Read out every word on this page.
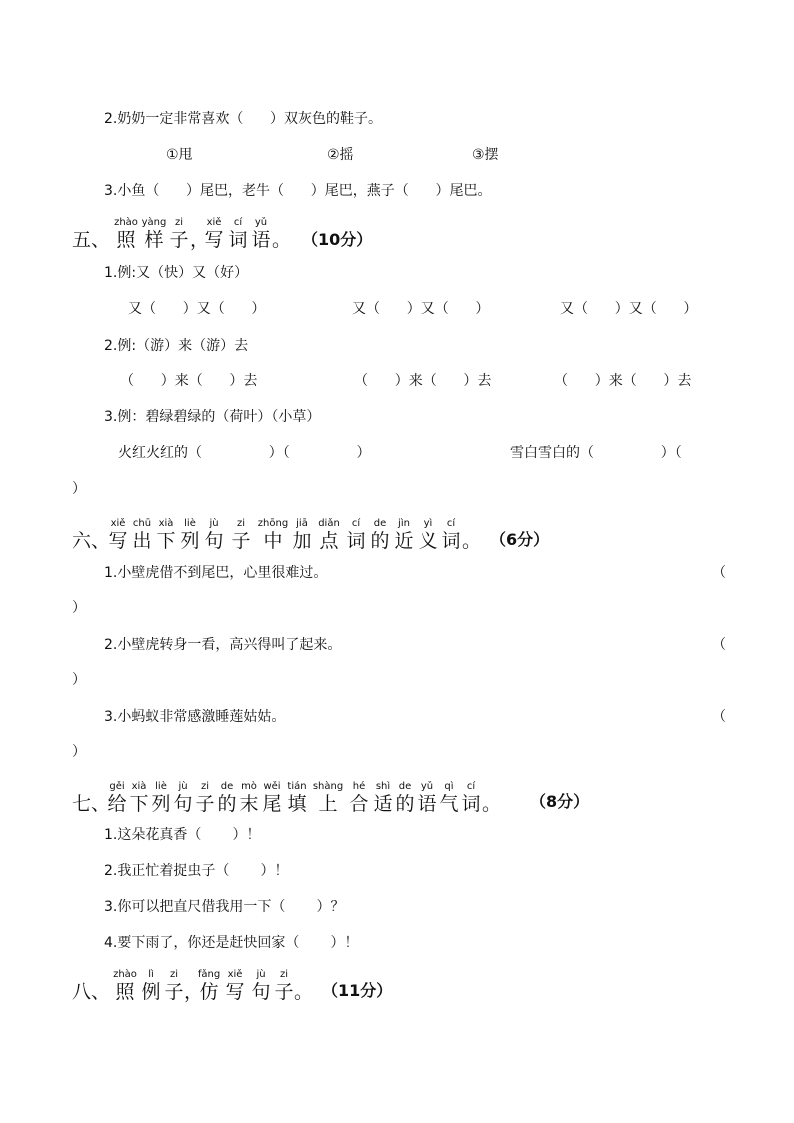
2.奶奶一定非常喜欢（      ）双灰色的鞋子。
①甩	②摇	③摆
3.小鱼（      ）尾巴，老牛（      ）尾巴，燕子（      ）尾巴。
五、
zhào
照
yàng
样
zi
子 ，
xiě
写
cí
词
yǔ
语 。 （10分）
1.例:又（快）又（好）
又（      ）又（      ）	又（      ）又（      ）	又（      ）又（      ）
2.例:（游）来（游）去
（      ）来（      ）去	（      ）来（      ）去	（      ）来（      ）去
3.例：碧绿碧绿的（荷叶）（小草）
火红火红的（               ）（               ）	雪白雪白的（               ）（
）
六、
xiě
写
chū
出
xià
下
liè
列
jù
句
zi
子
zhōng
中
jiā
加
diǎn
点
cí
词
de
的
jìn
近
yì
义
cí
词 。 （6分）
1.小壁虎借不到尾巴，心里很难过。	（
）
2.小壁虎转身一看，高兴得叫了起来。	（
）
3.小蚂蚁非常感激睡莲姑姑。	（
）
七、
gěi
给
xià
下
liè
列
jù
句
zi
子
de
的
mò
末
wěi
尾
tián
填
shàng
上
hé
合
shì
适
de
的
yǔ
语
qì
气
cí
词 。 （8分）
1.这朵花真香（       ）！
2.我正忙着捉虫子（       ）！
3.你可以把直尺借我用一下（       ）？
4.要下雨了，你还是赶快回家（       ）！
八、
zhào
照
lì
例
zi
子 ，
fǎng
仿
xiě
写
jù
句
zi
子 。 （11分）
